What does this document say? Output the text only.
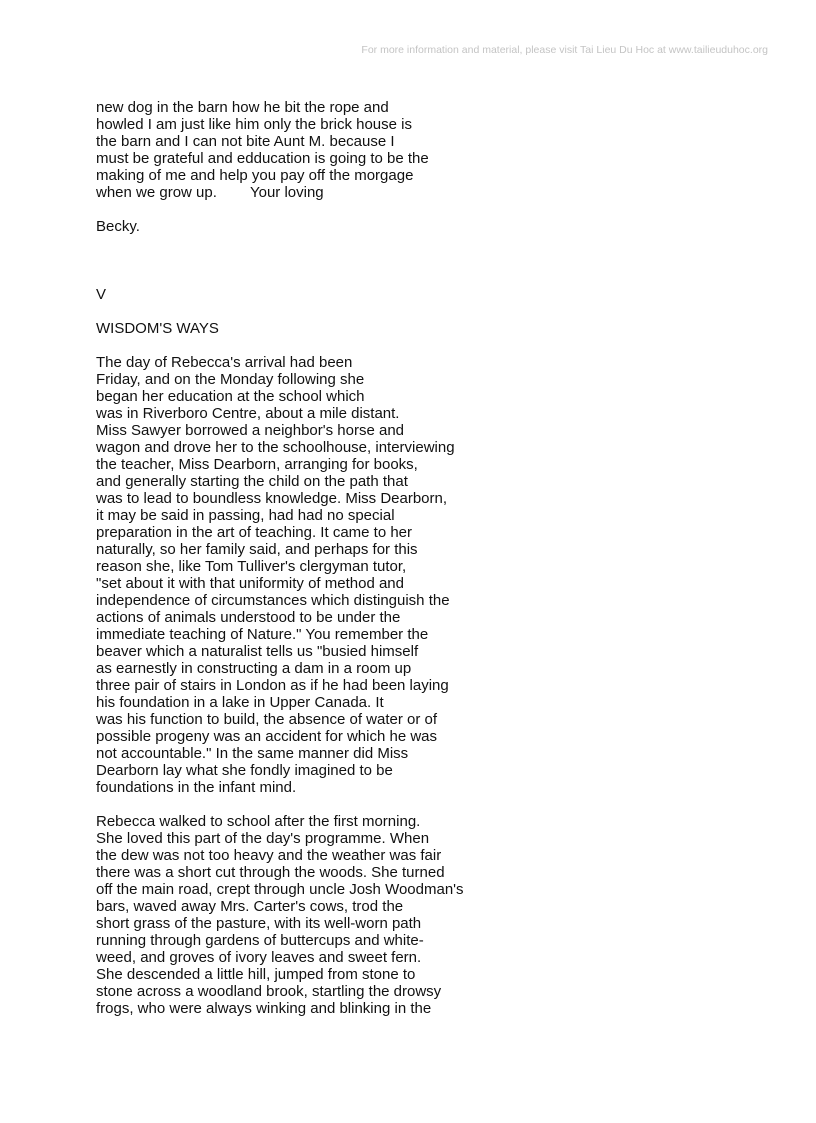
For more information and material, please visit Tai Lieu Du Hoc at www.tailieuduhoc.org
new dog in the barn how he bit the rope and
howled I am just like him only the brick house is
the barn and I can not bite Aunt M. because I
must be grateful and edducation is going to be the
making of me and help you pay off the morgage
when we grow up.        Your loving
Becky.
V
WISDOM'S WAYS
The day of Rebecca's arrival had been
Friday, and on the Monday following she
began her education at the school which
was in Riverboro Centre, about a mile distant.
Miss Sawyer borrowed a neighbor's horse and
wagon and drove her to the schoolhouse, interviewing
the teacher, Miss Dearborn, arranging for books,
and generally starting the child on the path that
was to lead to boundless knowledge. Miss Dearborn,
it may be said in passing, had had no special
preparation in the art of teaching. It came to her
naturally, so her family said, and perhaps for this
reason she, like Tom Tulliver's clergyman tutor,
"set about it with that uniformity of method and
independence of circumstances which distinguish the
actions of animals understood to be under the
immediate teaching of Nature." You remember the
beaver which a naturalist tells us "busied himself
as earnestly in constructing a dam in a room up
three pair of stairs in London as if he had been laying
his foundation in a lake in Upper Canada. It
was his function to build, the absence of water or of
possible progeny was an accident for which he was
not accountable." In the same manner did Miss
Dearborn lay what she fondly imagined to be
foundations in the infant mind.
Rebecca walked to school after the first morning.
She loved this part of the day's programme. When
the dew was not too heavy and the weather was fair
there was a short cut through the woods. She turned
off the main road, crept through uncle Josh Woodman's
bars, waved away Mrs. Carter's cows, trod the
short grass of the pasture, with its well-worn path
running through gardens of buttercups and white-
weed, and groves of ivory leaves and sweet fern.
She descended a little hill, jumped from stone to
stone across a woodland brook, startling the drowsy
frogs, who were always winking and blinking in the
